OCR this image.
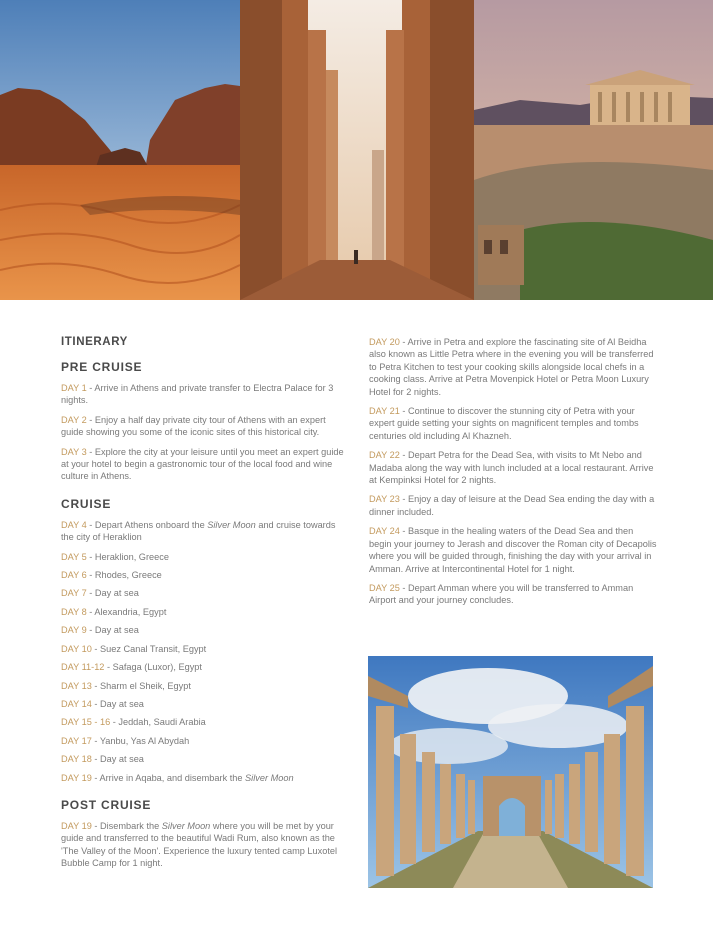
ITINERARY
PRE CRUISE

DAY 1 - Arrive in Athens and private transfer to Electra Palace for 3 nights.

DAY 2 - Enjoy a half day private city tour of Athens with an expert guide showing you some of the iconic sites of this historical city.

DAY 3 - Explore the city at your leisure until you meet an expert guide at your hotel to begin a gastronomic tour of the local food and wine culture in Athens.

CRUISE

DAY 4 - Depart Athens onboard the Silver Moon and cruise towards the city of Heraklion

DAY 5 - Heraklion, Greece

DAY 6 - Rhodes, Greece

DAY 7 - Day at sea

DAY 8 - Alexandria, Egypt

DAY 9 - Day at sea

DAY 10 - Suez Canal Transit, Egypt

DAY 11-12 - Safaga (Luxor), Egypt

DAY 13 - Sharm el Sheik, Egypt

DAY 14 - Day at sea

DAY 15 - 16 - Jeddah, Saudi Arabia

DAY 17 - Yanbu, Yas Al Abydah

DAY 18 - Day at sea

DAY 19 - Arrive in Aqaba, and disembark the Silver Moon

POST CRUISE

DAY 19 - Disembark the Silver Moon where you will be met by your guide and transferred to the beautiful Wadi Rum, also known as the 'The Valley of the Moon'. Experience the luxury tented camp Luxotel Bubble Camp for 1 night.

DAY 20 - Arrive in Petra and explore the fascinating site of Al Beidha also known as Little Petra where in the evening you will be transferred to Petra Kitchen to test your cooking skills alongside local chefs in a cooking class. Arrive at Petra Movenpick Hotel or Petra Moon Luxury Hotel for 2 nights.

DAY 21 - Continue to discover the stunning city of Petra with your expert guide setting your sights on magnificent temples and tombs centuries old including Al Khazneh.

DAY 22 - Depart Petra for the Dead Sea, with visits to Mt Nebo and Madaba along the way with lunch included at a local restaurant. Arrive at Kempinksi Hotel for 2 nights.

DAY 23 - Enjoy a day of leisure at the Dead Sea ending the day with a dinner included.

DAY 24 - Basque in the healing waters of the Dead Sea and then begin your journey to Jerash and discover the Roman city of Decapolis where you will be guided through, finishing the day with your arrival in Amman. Arrive at Intercontinental Hotel for 1 night.

DAY 25 - Depart Amman where you will be transferred to Amman Airport and your journey concludes.
